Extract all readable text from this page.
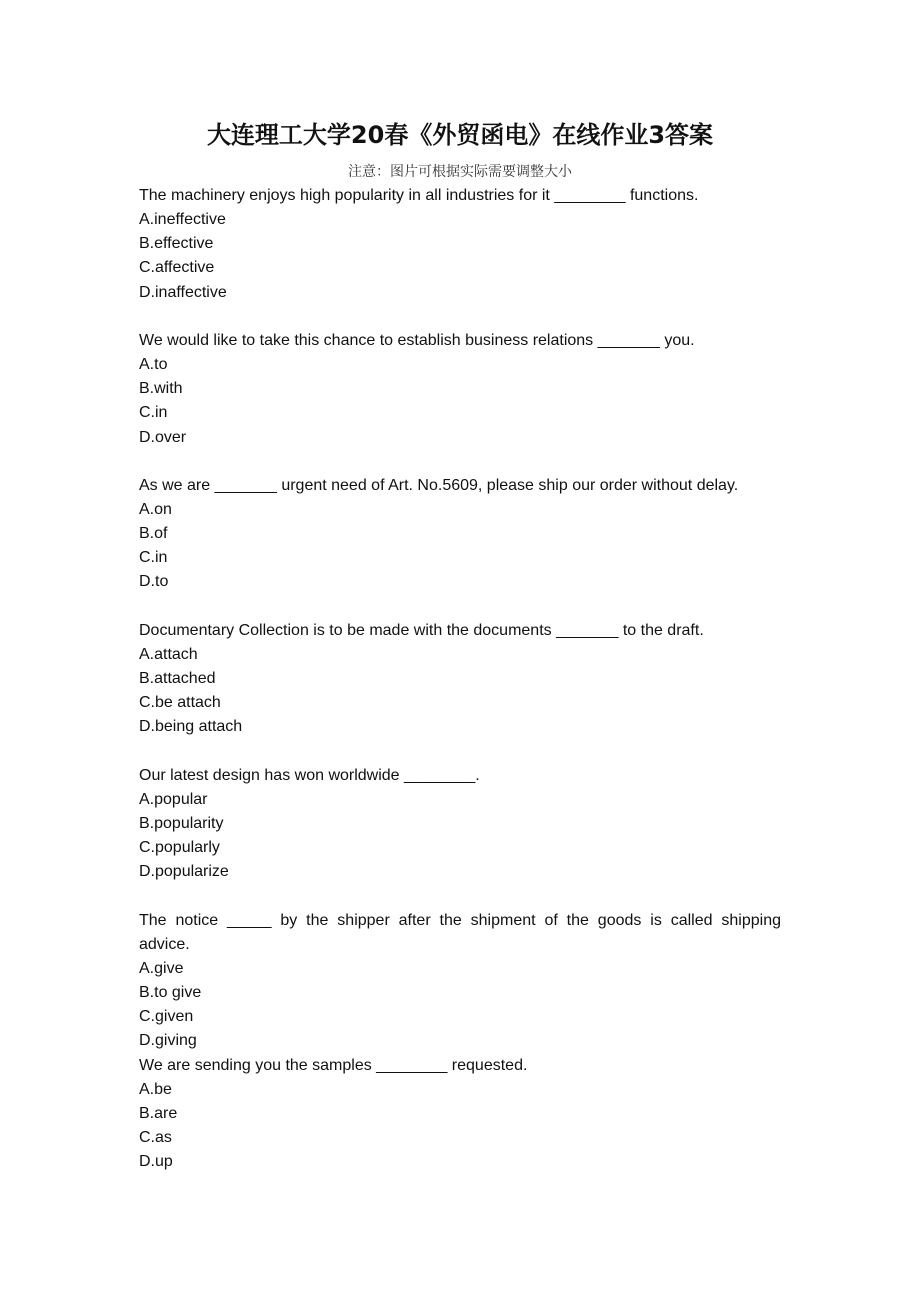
大连理工大学20春《外贸函电》在线作业3答案

注意：图片可根据实际需要调整大小

The machinery enjoys high popularity in all industries for it ________ functions.

A.ineffective

B.effective

C.affective

D.inaffective

We would like to take this chance to establish business relations _______ you.

A.to

B.with

C.in

D.over

As we are _______ urgent need of Art. No.5609, please ship our order without delay.

A.on

B.of

C.in

D.to

Documentary Collection is to be made with the documents _______ to the draft.

A.attach

B.attached

C.be attach

D.being attach

Our latest design has won worldwide ________.

A.popular

B.popularity

C.popularly

D.popularize

The notice _____ by the shipper after the shipment of the goods is called shipping
advice.

A.give

B.to give

C.given

D.giving

We are sending you the samples ________ requested.

A.be

B.are

C.as

D.up
